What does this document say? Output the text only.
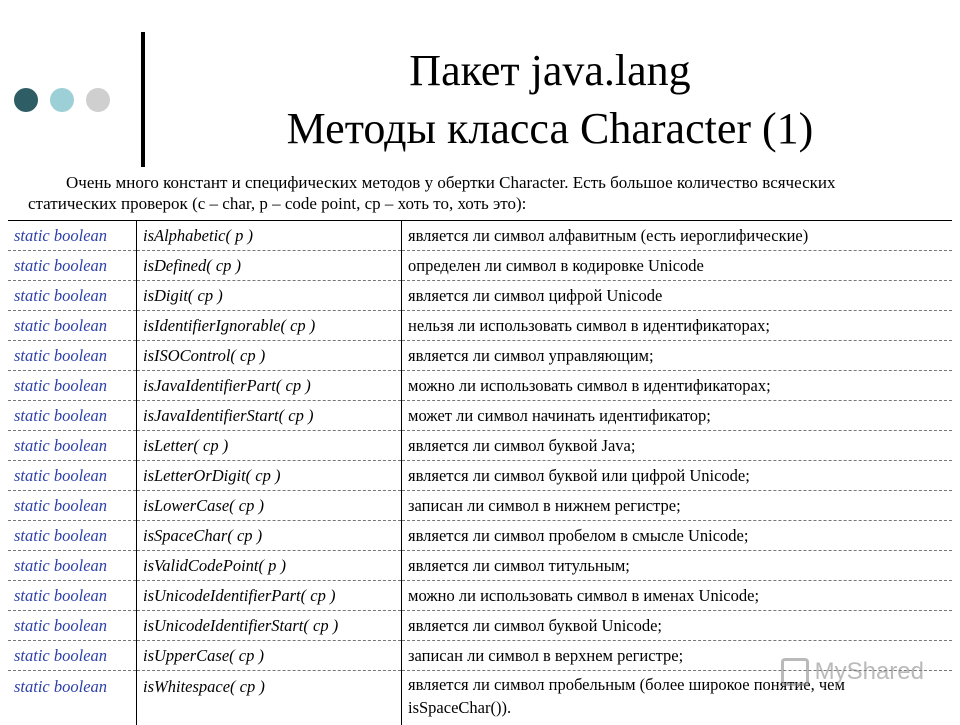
Пакет java.lang
Методы класса Character (1)

Очень много констант и специфических методов у обертки Character. Есть большое количество всяческих статических проверок (c – char, p – code point, cp – хоть то, хоть это):

static boolean	isAlphabetic( p )	является ли символ алфавитным (есть иероглифические)
static boolean	isDefined( cp )	определен ли символ в кодировке Unicode
static boolean	isDigit( cp )	является ли символ цифрой Unicode
static boolean	isIdentifierIgnorable( cp )	нельзя ли использовать символ в идентификаторах;
static boolean	isISOControl( cp )	является ли символ управляющим;
static boolean	isJavaIdentifierPart( cp )	можно ли использовать символ в идентификаторах;
static boolean	isJavaIdentifierStart( cp )	может ли символ начинать идентификатор;
static boolean	isLetter( cp )	является ли символ буквой Java;
static boolean	isLetterOrDigit( cp )	является ли символ буквой или цифрой Unicode;
static boolean	isLowerCase( cp )	записан ли символ в нижнем регистре;
static boolean	isSpaceChar( cp )	является ли символ пробелом в смысле Unicode;
static boolean	isValidCodePoint( p )	является ли символ титульным;
static boolean	isUnicodeIdentifierPart( cp )	можно ли использовать символ в именах Unicode;
static boolean	isUnicodeIdentifierStart( cp )	является ли символ буквой Unicode;
static boolean	isUpperCase( cp )	записан ли символ в верхнем регистре;
static boolean	isWhitespace( cp )	является ли символ пробельным (более широкое понятие, чем isSpaceChar()).
MyShared
